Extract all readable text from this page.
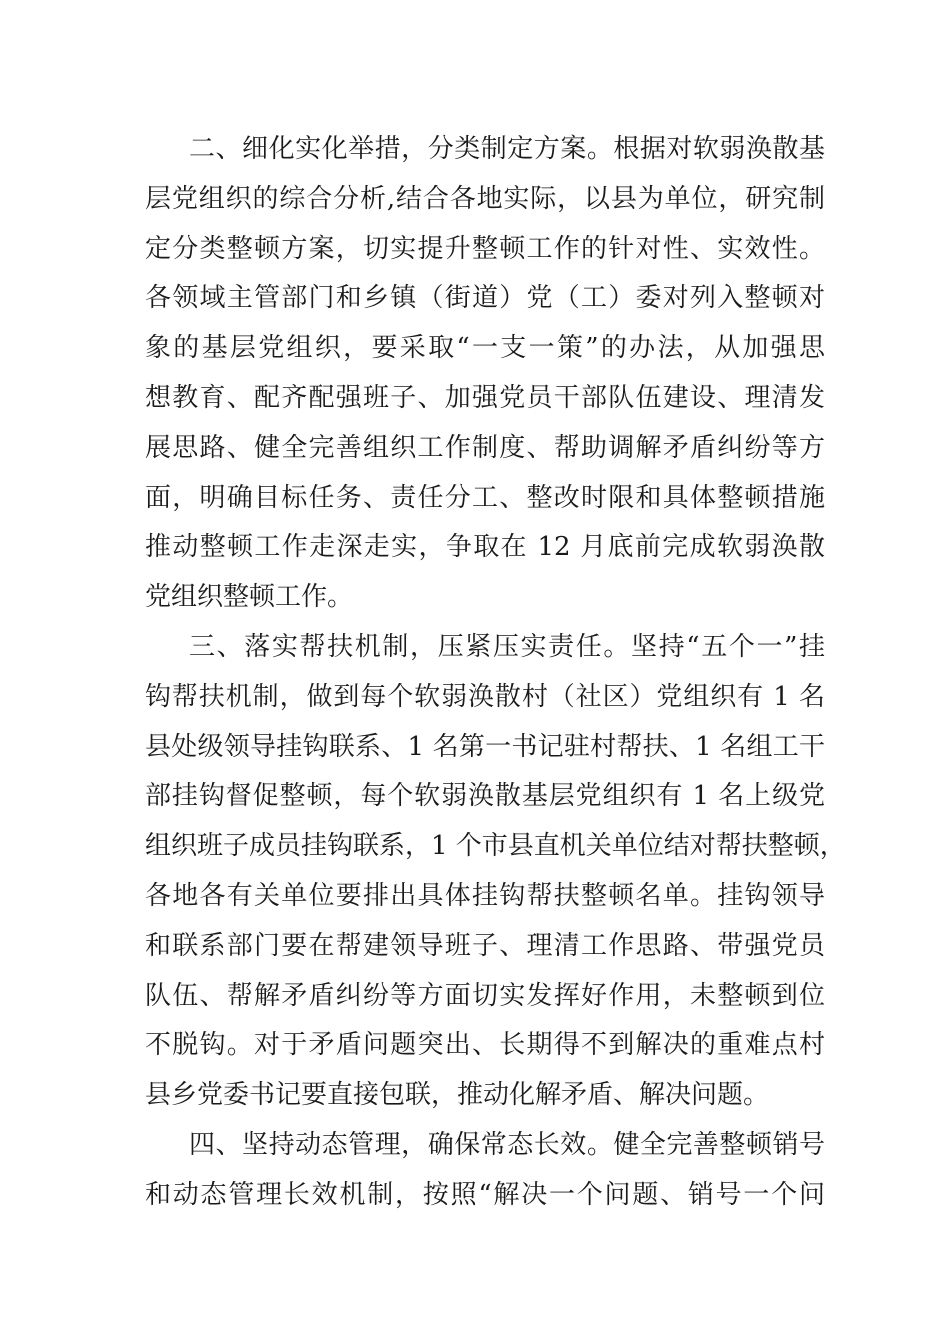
二、细化实化举措，分类制定方案。根据对软弱涣散基
层党组织的综合分析,结合各地实际，以县为单位，研究制
定分类整顿方案，切实提升整顿工作的针对性、实效性。
各领域主管部门和乡镇（街道）党（工）委对列入整顿对
象的基层党组织，要采取“一支一策”的办法，从加强思
想教育、配齐配强班子、加强党员干部队伍建设、理清发
展思路、健全完善组织工作制度、帮助调解矛盾纠纷等方
面，明确目标任务、责任分工、整改时限和具体整顿措施
推动整顿工作走深走实，争取在 12 月底前完成软弱涣散
党组织整顿工作。
三、落实帮扶机制，压紧压实责任。坚持“五个一”挂
钩帮扶机制，做到每个软弱涣散村（社区）党组织有 1 名
县处级领导挂钩联系、1 名第一书记驻村帮扶、1 名组工干
部挂钩督促整顿，每个软弱涣散基层党组织有 1 名上级党
组织班子成员挂钩联系，1 个市县直机关单位结对帮扶整顿，
各地各有关单位要排出具体挂钩帮扶整顿名单。挂钩领导
和联系部门要在帮建领导班子、理清工作思路、带强党员
队伍、帮解矛盾纠纷等方面切实发挥好作用，未整顿到位
不脱钩。对于矛盾问题突出、长期得不到解决的重难点村
县乡党委书记要直接包联，推动化解矛盾、解决问题。
四、坚持动态管理，确保常态长效。健全完善整顿销号
和动态管理长效机制，按照“解决一个问题、销号一个问
